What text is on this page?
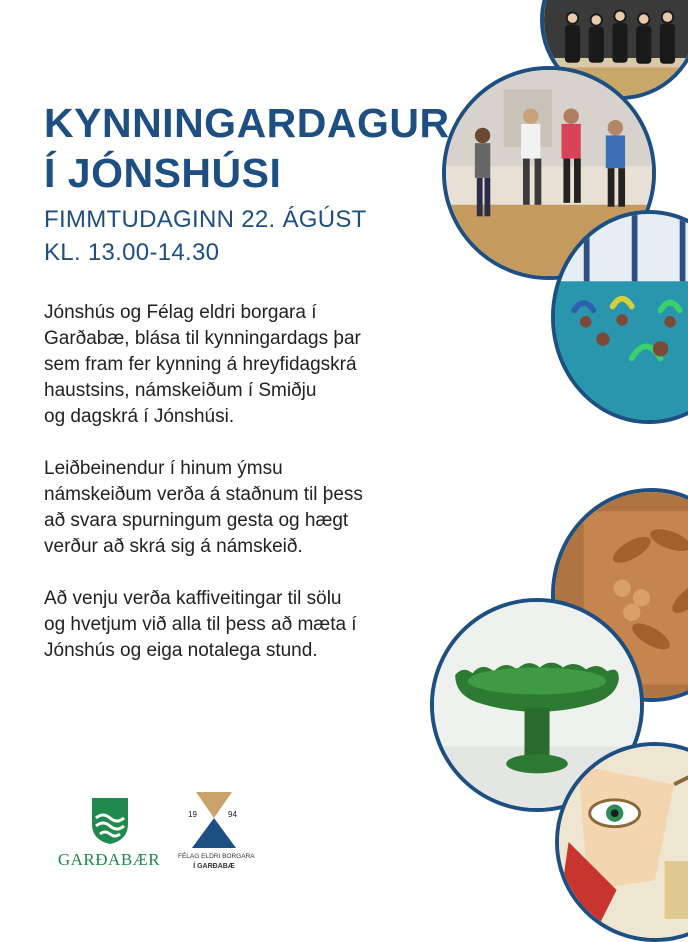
KYNNINGARDAGUR
Í JÓNSHÚSI
FIMMTUDAGINN 22. ÁGÚST
KL. 13.00-14.30

Jónshús og Félag eldri borgara í
Garðabæ, blása til kynningardags þar
sem fram fer kynning á hreyfidagskrá
haustsins, námskeiðum í Smiðju
og dagskrá í Jónshúsi.

Leiðbeinendur í hinum ýmsu
námskeiðum verða á staðnum til þess
að svara spurningum gesta og hægt
verður að skrá sig á námskeið.

Að venju verða kaffiveitingar til sölu
og hvetjum við alla til þess að mæta í
Jónshús og eiga notalega stund.

GARÐABÆR
19	94
FÉLAG ELDRI BORGARA
Í GARÐABÆ
